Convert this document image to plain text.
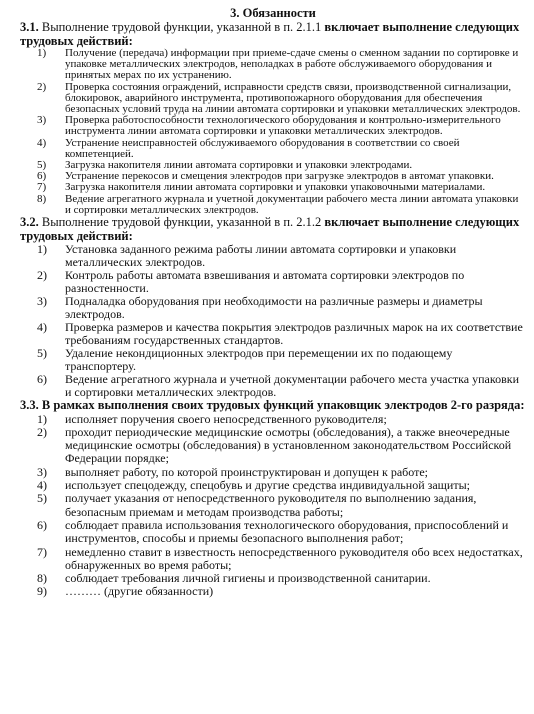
3. Обязанности

3.1. Выполнение трудовой функции, указанной в п. 2.1.1 включает выполнение следующих трудовых действий:

1)	Получение (передача) информации при приеме-сдаче смены о сменном задании по сортировке и упаковке металлических электродов, неполадках в работе обслуживаемого оборудования и принятых мерах по их устранению.
2)	Проверка состояния ограждений, исправности средств связи, производственной сигнализации, блокировок, аварийного инструмента, противопожарного оборудования для обеспечения безопасных условий труда на линии автомата сортировки и упаковки металлических электродов.
3)	Проверка работоспособности технологического оборудования и контрольно-измерительного инструмента линии автомата сортировки и упаковки металлических электродов.
4)	Устранение неисправностей обслуживаемого оборудования в соответствии со своей компетенцией.
5)	Загрузка накопителя линии автомата сортировки и упаковки электродами.
6)	Устранение перекосов и смещения электродов при загрузке электродов в автомат упаковки.
7)	Загрузка накопителя линии автомата сортировки и упаковки упаковочными материалами.
8)	Ведение агрегатного журнала и учетной документации рабочего места линии автомата упаковки и сортировки металлических электродов.

3.2. Выполнение трудовой функции, указанной в п. 2.1.2 включает выполнение следующих трудовых действий:

1)	Установка заданного режима работы линии автомата сортировки и упаковки металлических электродов.
2)	Контроль работы автомата взвешивания и автомата сортировки электродов по разностенности.
3)	Подналадка оборудования при необходимости на различные размеры и диаметры электродов.
4)	Проверка размеров и качества покрытия электродов различных марок на их соответствие требованиям государственных стандартов.
5)	Удаление некондиционных электродов при перемещении их по подающему транспортеру.
6)	Ведение агрегатного журнала и учетной документации рабочего места участка упаковки и сортировки металлических электродов.

3.3. В рамках выполнения своих трудовых функций упаковщик электродов 2-го разряда:

1)	исполняет поручения своего непосредственного руководителя;
2)	проходит периодические медицинские осмотры (обследования), а также внеочередные медицинские осмотры (обследования) в установленном законодательством Российской Федерации порядке;
3)	выполняет работу, по которой проинструктирован и допущен к работе;
4)	использует спецодежду, спецобувь и другие средства индивидуальной защиты;
5)	получает указания от непосредственного руководителя по выполнению задания, безопасным приемам и методам производства работы;
6)	соблюдает правила использования технологического оборудования, приспособлений и инструментов, способы и приемы безопасного выполнения работ;
7)	немедленно ставит в известность непосредственного руководителя обо всех недостатках, обнаруженных во время работы;
8)	соблюдает требования личной гигиены и производственной санитарии.
9)	……… (другие обязанности)
